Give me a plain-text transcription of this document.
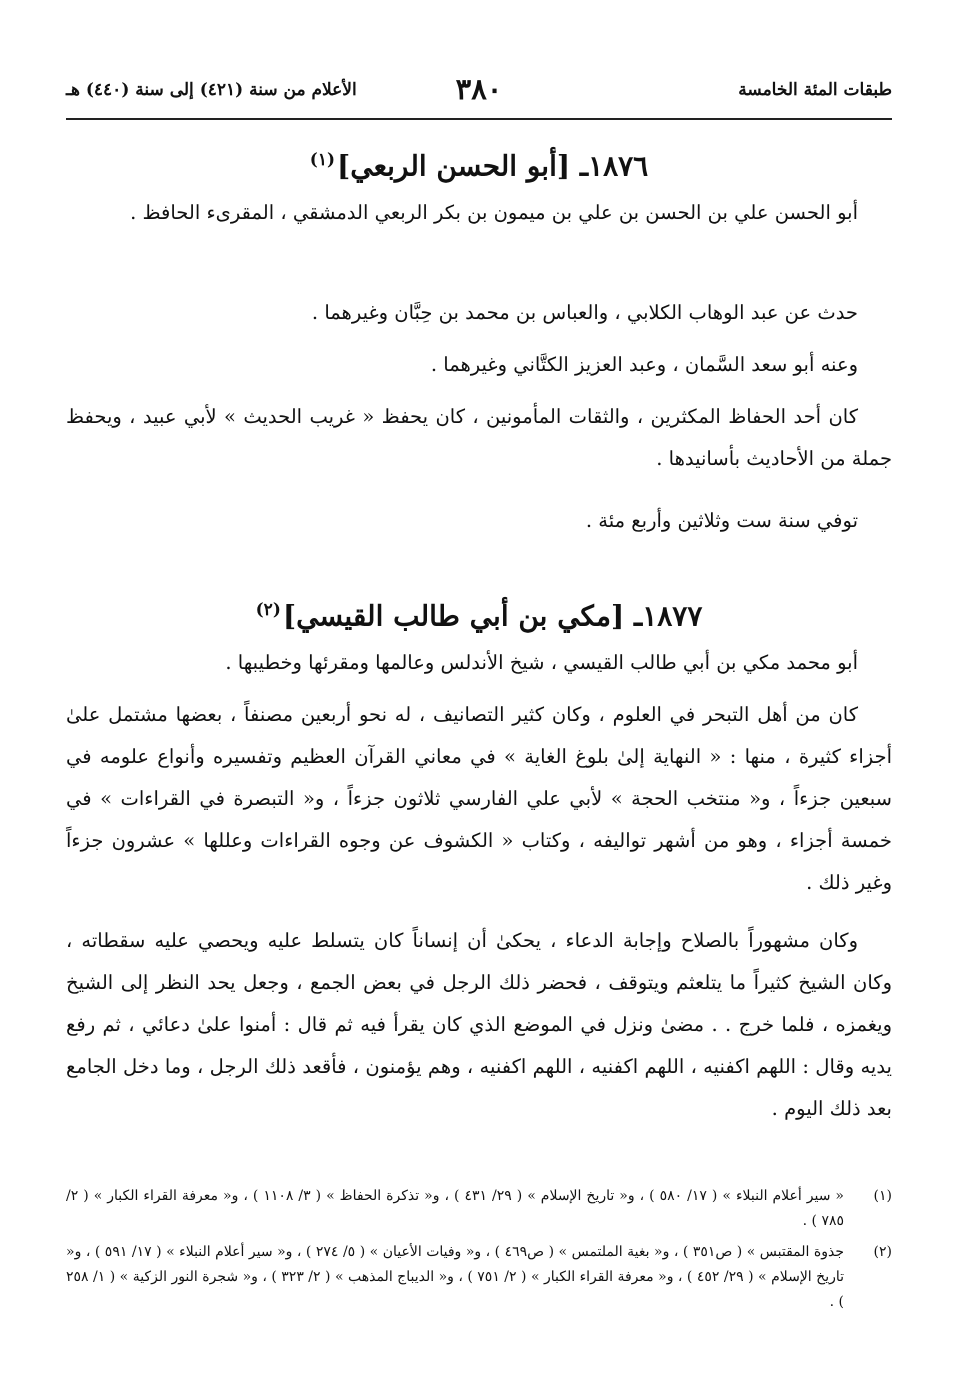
طبقات المئة الخامسة
٣٨٠
الأعلام من سنة (٤٢١) إلى سنة (٤٤٠) هـ
١٨٧٦ـ [أبو الحسن الربعي]$^{(١)}$

أبو الحسن علي بن الحسن بن علي بن ميمون بن بكر الربعي الدمشقي ، المقرىء الحافظ .

حدث عن عبد الوهاب الكلابي ، والعباس بن محمد بن حِبَّان وغيرهما .

وعنه أبو سعد السَّمان ، وعبد العزيز الكتَّاني وغيرهما .

كان أحد الحفاظ المكثرين ، والثقات المأمونين ، كان يحفظ « غريب الحديث » لأبي عبيد ، ويحفظ جملة من الأحاديث بأسانيدها .

توفي سنة ست وثلاثين وأربع مئة .

١٨٧٧ـ [مكي بن أبي طالب القيسي]$^{(٢)}$

أبو محمد مكي بن أبي طالب القيسي ، شيخ الأندلس وعالمها ومقرئها وخطيبها .

كان من أهل التبحر في العلوم ، وكان كثير التصانيف ، له نحو أربعين مصنفاً ، بعضها مشتمل علىٰ أجزاء كثيرة ، منها : « النهاية إلىٰ بلوغ الغاية » في معاني القرآن العظيم وتفسيره وأنواع علومه في سبعين جزءاً ، و« منتخب الحجة » لأبي علي الفارسي ثلاثون جزءاً ، و« التبصرة في القراءات » في خمسة أجزاء ، وهو من أشهر تواليفه ، وكتاب « الكشوف عن وجوه القراءات وعللها » عشرون جزءاً وغير ذلك .

وكان مشهوراً بالصلاح وإجابة الدعاء ، يحكىٰ أن إنساناً كان يتسلط عليه ويحصي عليه سقطاته ، وكان الشيخ كثيراً ما يتلعثم ويتوقف ، فحضر ذلك الرجل في بعض الجمع ، وجعل يحد النظر إلى الشيخ ويغمزه ، فلما خرج . . مضىٰ ونزل في الموضع الذي كان يقرأ فيه ثم قال : أمنوا علىٰ دعائي ، ثم رفع يديه وقال : اللهم اكفنيه ، اللهم اكفنيه ، اللهم اكفنيه ، وهم يؤمنون ، فأقعد ذلك الرجل ، وما دخل الجامع بعد ذلك اليوم .

(١)
« سير أعلام النبلاء » ( ١٧/ ٥٨٠ ) ، و« تاريخ الإسلام » ( ٢٩/ ٤٣١ ) ، و« تذكرة الحفاظ » ( ٣/ ١١٠٨ ) ، و« معرفة القراء الكبار » ( ٢/ ٧٨٥ ) .
(٢)
جذوة المقتبس » ( ص٣٥١ ) ، و« بغية الملتمس » ( ص٤٦٩ ) ، و« وفيات الأعيان » ( ٥/ ٢٧٤ ) ، و« سير أعلام النبلاء » ( ١٧/ ٥٩١ ) ، و« تاريخ الإسلام » ( ٢٩/ ٤٥٢ ) ، و« معرفة القراء الكبار » ( ٢/ ٧٥١ ) ، و« الديباج المذهب » ( ٢/ ٣٢٣ ) ، و« شجرة النور الزكية » ( ١/ ٢٥٨ ) .
